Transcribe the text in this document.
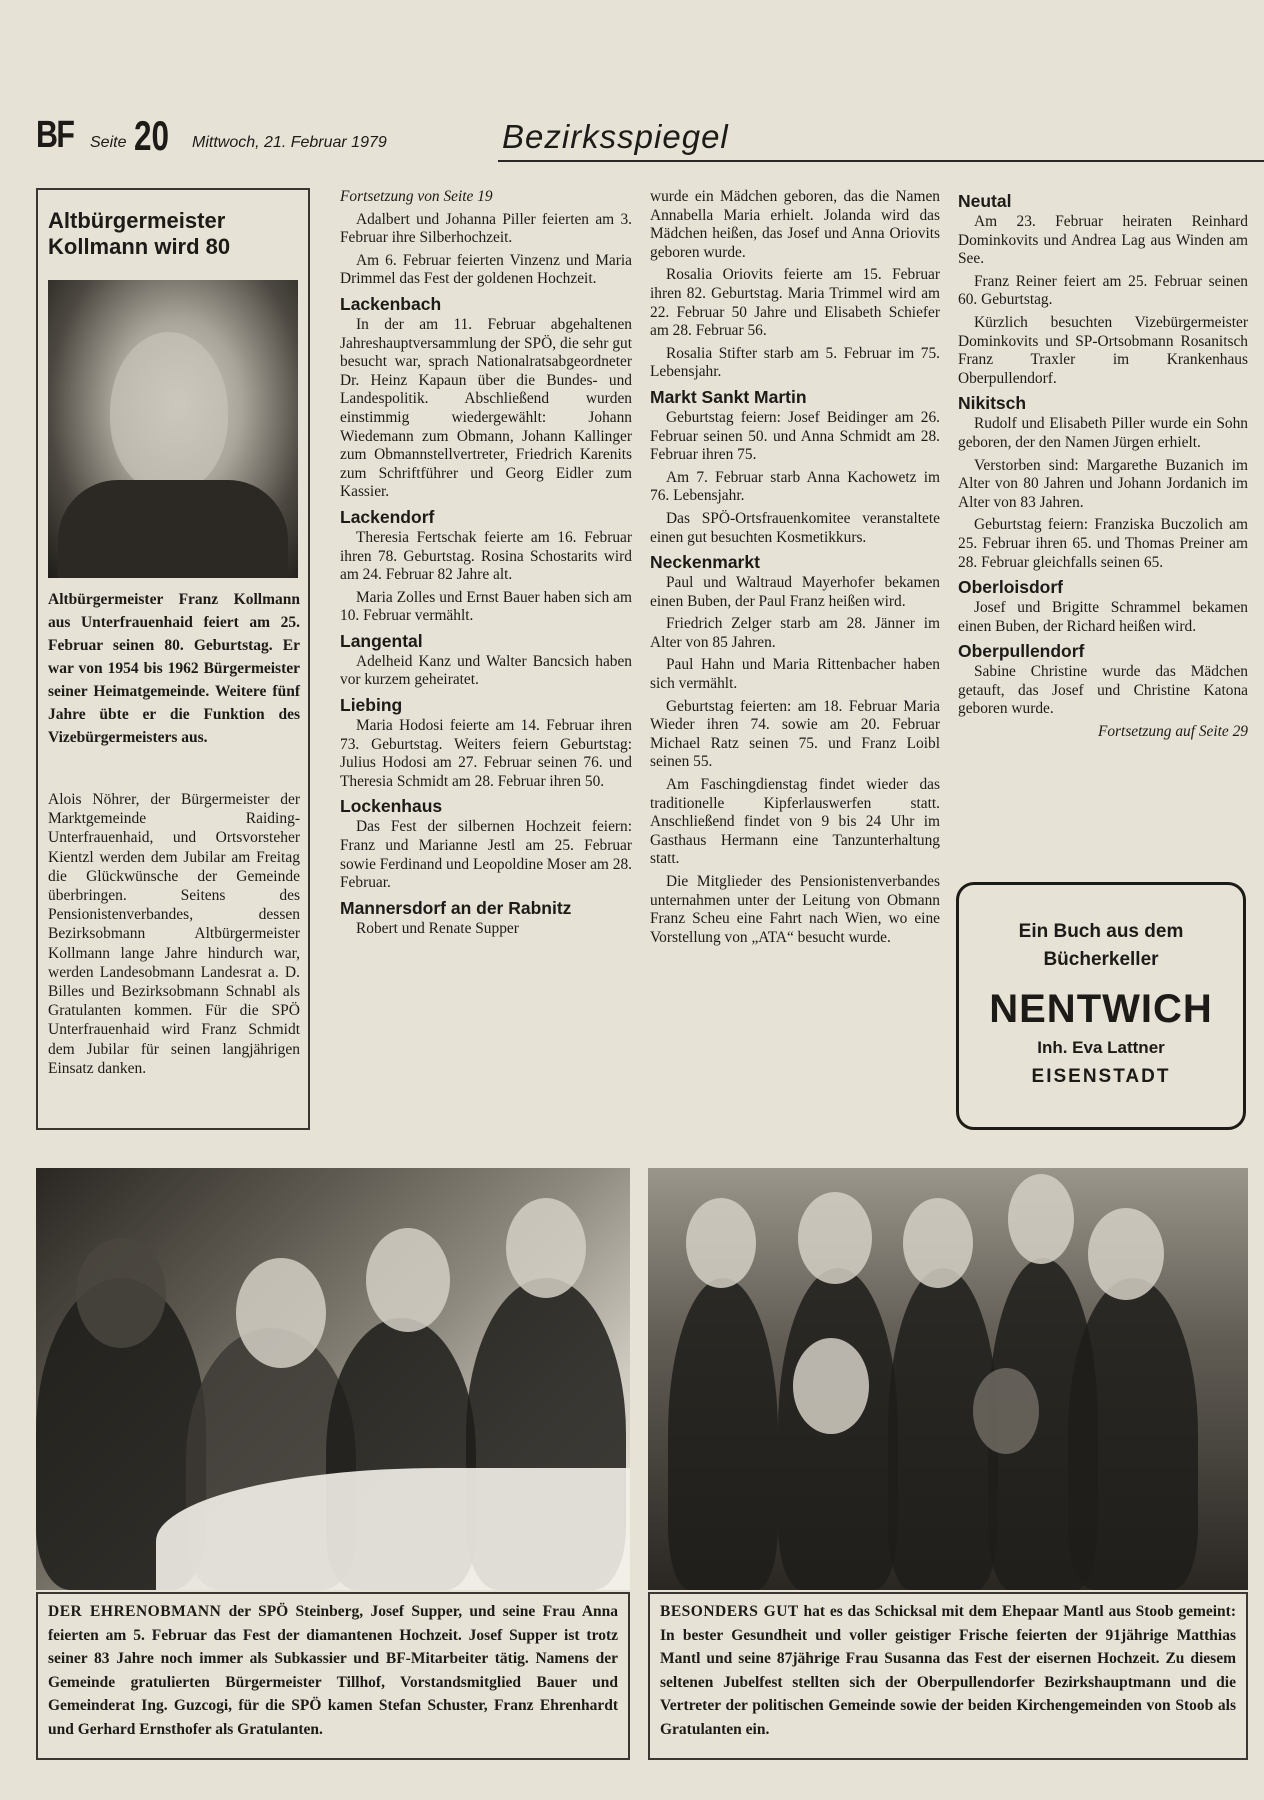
BF Seite 20 Mittwoch, 21. Februar 1979	Bezirksspiegel
Altbürgermeister Kollmann wird 80
Altbürgermeister Franz Kollmann aus Unterfrauenhaid feiert am 25. Februar seinen 80. Geburtstag. Er war von 1954 bis 1962 Bürgermeister seiner Heimatgemeinde. Weitere fünf Jahre übte er die Funktion des Vizebürgermeisters aus.
Alois Nöhrer, der Bürgermeister der Marktgemeinde Raiding-Unterfrauenhaid, und Ortsvorsteher Kientzl werden dem Jubilar am Freitag die Glückwünsche der Gemeinde überbringen. Seitens des Pensionistenverbandes, dessen Bezirksobmann Altbürgermeister Kollmann lange Jahre hindurch war, werden Landesobmann Landesrat a. D. Billes und Bezirksobmann Schnabl als Gratulanten kommen. Für die SPÖ Unterfrauenhaid wird Franz Schmidt dem Jubilar für seinen langjährigen Einsatz danken.

Fortsetzung von Seite 19

Adalbert und Johanna Piller feierten am 3. Februar ihre Silberhochzeit.

Am 6. Februar feierten Vinzenz und Maria Drimmel das Fest der goldenen Hochzeit.

Lackenbach

In der am 11. Februar abgehaltenen Jahreshauptversammlung der SPÖ, die sehr gut besucht war, sprach Nationalratsabgeordneter Dr. Heinz Kapaun über die Bundes- und Landespolitik. Abschließend wurden einstimmig wiedergewählt: Johann Wiedemann zum Obmann, Johann Kallinger zum Obmannstellvertreter, Friedrich Karenits zum Schriftführer und Georg Eidler zum Kassier.

Lackendorf

Theresia Fertschak feierte am 16. Februar ihren 78. Geburtstag. Rosina Schostarits wird am 24. Februar 82 Jahre alt.

Maria Zolles und Ernst Bauer haben sich am 10. Februar vermählt.

Langental

Adelheid Kanz und Walter Bancsich haben vor kurzem geheiratet.

Liebing

Maria Hodosi feierte am 14. Februar ihren 73. Geburtstag. Weiters feiern Geburtstag: Julius Hodosi am 27. Februar seinen 76. und Theresia Schmidt am 28. Februar ihren 50.

Lockenhaus

Das Fest der silbernen Hochzeit feiern: Franz und Marianne Jestl am 25. Februar sowie Ferdinand und Leopoldine Moser am 28. Februar.

Mannersdorf an der Rabnitz

Robert und Renate Supper

wurde ein Mädchen geboren, das die Namen Annabella Maria erhielt. Jolanda wird das Mädchen heißen, das Josef und Anna Oriovits geboren wurde.

Rosalia Oriovits feierte am 15. Februar ihren 82. Geburtstag. Maria Trimmel wird am 22. Februar 50 Jahre und Elisabeth Schiefer am 28. Februar 56.

Rosalia Stifter starb am 5. Februar im 75. Lebensjahr.

Markt Sankt Martin

Geburtstag feiern: Josef Beidinger am 26. Februar seinen 50. und Anna Schmidt am 28. Februar ihren 75.

Am 7. Februar starb Anna Kachowetz im 76. Lebensjahr.

Das SPÖ-Ortsfrauenkomitee veranstaltete einen gut besuchten Kosmetikkurs.

Neckenmarkt

Paul und Waltraud Mayerhofer bekamen einen Buben, der Paul Franz heißen wird.

Friedrich Zelger starb am 28. Jänner im Alter von 85 Jahren.

Paul Hahn und Maria Rittenbacher haben sich vermählt.

Geburtstag feierten: am 18. Februar Maria Wieder ihren 74. sowie am 20. Februar Michael Ratz seinen 75. und Franz Loibl seinen 55.

Am Faschingdienstag findet wieder das traditionelle Kipferlauswerfen statt. Anschließend findet von 9 bis 24 Uhr im Gasthaus Hermann eine Tanzunterhaltung statt.

Die Mitglieder des Pensionistenverbandes unternahmen unter der Leitung von Obmann Franz Scheu eine Fahrt nach Wien, wo eine Vorstellung von „ATA“ besucht wurde.

Neutal

Am 23. Februar heiraten Reinhard Dominkovits und Andrea Lag aus Winden am See.

Franz Reiner feiert am 25. Februar seinen 60. Geburtstag.

Kürzlich besuchten Vizebürgermeister Dominkovits und SP-Ortsobmann Rosanitsch Franz Traxler im Krankenhaus Oberpullendorf.

Nikitsch

Rudolf und Elisabeth Piller wurde ein Sohn geboren, der den Namen Jürgen erhielt.

Verstorben sind: Margarethe Buzanich im Alter von 80 Jahren und Johann Jordanich im Alter von 83 Jahren.

Geburtstag feiern: Franziska Buczolich am 25. Februar ihren 65. und Thomas Preiner am 28. Februar gleichfalls seinen 65.

Oberloisdorf

Josef und Brigitte Schrammel bekamen einen Buben, der Richard heißen wird.

Oberpullendorf

Sabine Christine wurde das Mädchen getauft, das Josef und Christine Katona geboren wurde.

Fortsetzung auf Seite 29

Ein Buch aus dem
Bücherkeller
NENTWICH
Inh. Eva Lattner
EISENSTADT
DER EHRENOBMANN der SPÖ Steinberg, Josef Supper, und seine Frau Anna feierten am 5. Februar das Fest der diamantenen Hochzeit. Josef Supper ist trotz seiner 83 Jahre noch immer als Subkassier und BF-Mitarbeiter tätig. Namens der Gemeinde gratulierten Bürgermeister Tillhof, Vorstandsmitglied Bauer und Gemeinderat Ing. Guzcogi, für die SPÖ kamen Stefan Schuster, Franz Ehrenhardt und Gerhard Ernsthofer als Gratulanten.
BESONDERS GUT hat es das Schicksal mit dem Ehepaar Mantl aus Stoob gemeint: In bester Gesundheit und voller geistiger Frische feierten der 91jährige Matthias Mantl und seine 87jährige Frau Susanna das Fest der eisernen Hochzeit. Zu diesem seltenen Jubelfest stellten sich der Oberpullendorfer Bezirkshauptmann und die Vertreter der politischen Gemeinde sowie der beiden Kirchengemeinden von Stoob als Gratulanten ein.
